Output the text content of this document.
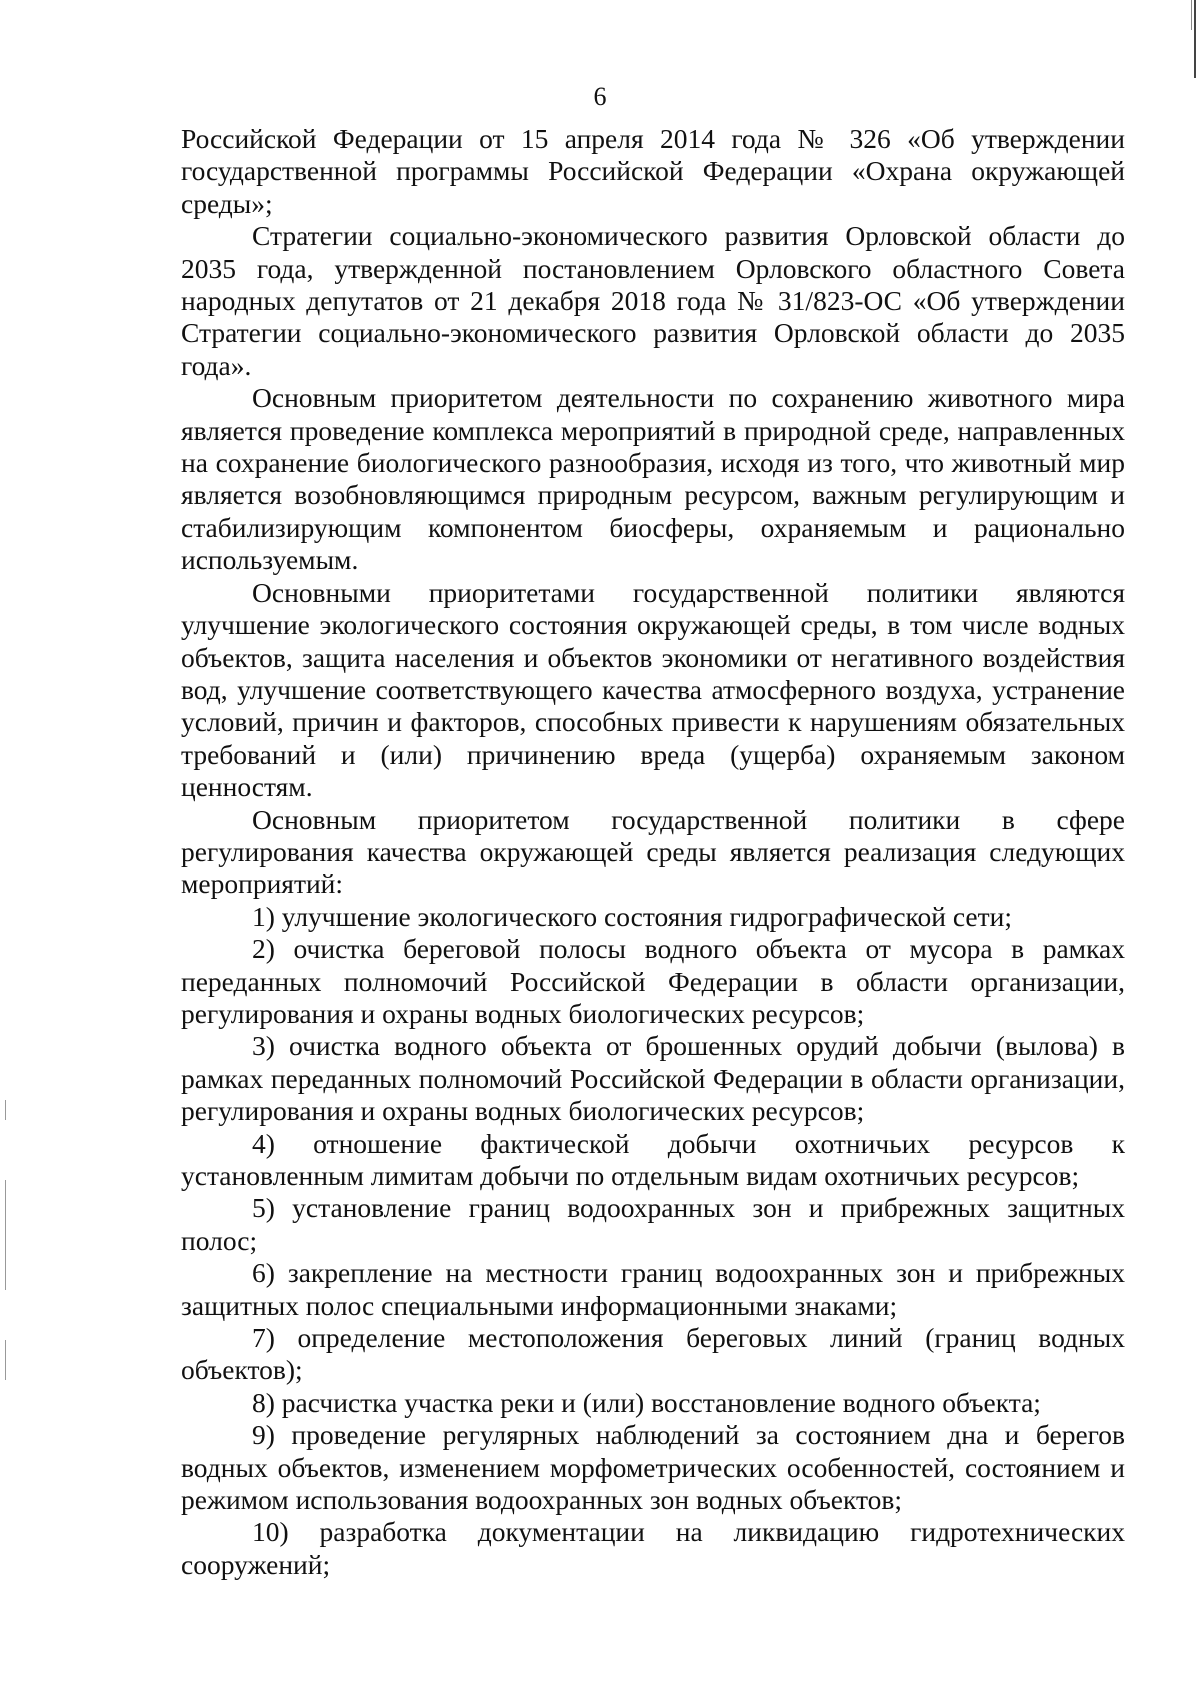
6

Российской Федерации от 15 апреля 2014 года № 326 «Об утверждении государственной программы Российской Федерации «Охрана окружающей среды»;

Стратегии социально-экономического развития Орловской области до 2035 года, утвержденной постановлением Орловского областного Совета народных депутатов от 21 декабря 2018 года № 31/823-ОС «Об утверждении Стратегии социально-экономического развития Орловской области до 2035 года».

Основным приоритетом деятельности по сохранению животного мира является проведение комплекса мероприятий в природной среде, направленных на сохранение биологического разнообразия, исходя из того, что животный мир является возобновляющимся природным ресурсом, важным регулирующим и стабилизирующим компонентом биосферы, охраняемым и рационально используемым.

Основными приоритетами государственной политики являются улучшение экологического состояния окружающей среды, в том числе водных объектов, защита населения и объектов экономики от негативного воздействия вод, улучшение соответствующего качества атмосферного воздуха, устранение условий, причин и факторов, способных привести к нарушениям обязательных требований и (или) причинению вреда (ущерба) охраняемым законом ценностям.

Основным приоритетом государственной политики в сфере регулирования качества окружающей среды является реализация следующих мероприятий:

1) улучшение экологического состояния гидрографической сети;

2) очистка береговой полосы водного объекта от мусора в рамках переданных полномочий Российской Федерации в области организации, регулирования и охраны водных биологических ресурсов;

3) очистка водного объекта от брошенных орудий добычи (вылова) в рамках переданных полномочий Российской Федерации в области организации, регулирования и охраны водных биологических ресурсов;

4) отношение фактической добычи охотничьих ресурсов к установленным лимитам добычи по отдельным видам охотничьих ресурсов;

5) установление границ водоохранных зон и прибрежных защитных полос;

6) закрепление на местности границ водоохранных зон и прибрежных защитных полос специальными информационными знаками;

7) определение местоположения береговых линий (границ водных объектов);

8) расчистка участка реки и (или) восстановление водного объекта;

9) проведение регулярных наблюдений за состоянием дна и берегов водных объектов, изменением морфометрических особенностей, состоянием и режимом использования водоохранных зон водных объектов;

10) разработка документации на ликвидацию гидротехнических сооружений;
